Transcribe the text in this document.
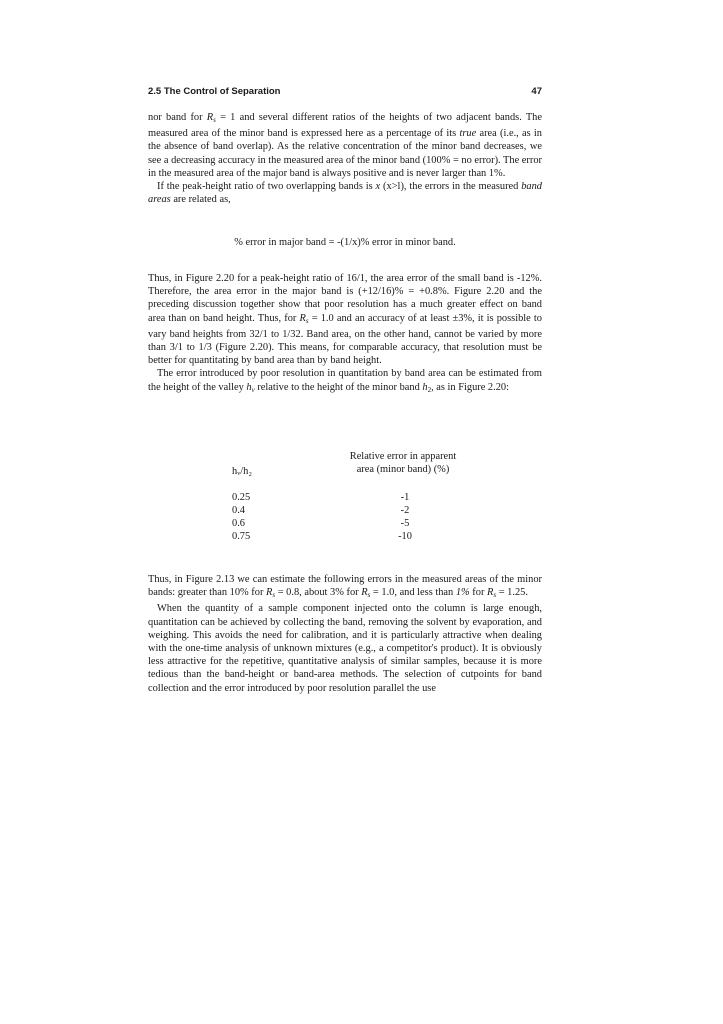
2.5 The Control of Separation	47

nor band for $R_s = 1$ and several different ratios of the heights of two adjacent bands. The measured area of the minor band is expressed here as a percentage of its true area (i.e., as in the absence of band overlap). As the relative concentration of the minor band decreases, we see a decreasing accuracy in the measured area of the minor band (100% = no error). The error in the measured area of the major band is always positive and is never larger than 1%.

If the peak-height ratio of two overlapping bands is x (x>l), the errors in the measured band areas are related as,

% error in major band = -(1/x)% error in minor band.

Thus, in Figure 2.20 for a peak-height ratio of 16/1, the area error of the small band is -12%. Therefore, the area error in the major band is (+12/16)% = +0.8%. Figure 2.20 and the preceding discussion together show that poor resolution has a much greater effect on band area than on band height. Thus, for $R_s = 1.0$ and an accuracy of at least ±3%, it is possible to vary band heights from 32/1 to 1/32. Band area, on the other hand, cannot be varied by more than 3/1 to 1/3 (Figure 2.20). This means, for comparable accuracy, that resolution must be better for quantitating by band area than by band height.

The error introduced by poor resolution in quantitation by band area can be estimated from the height of the valley $h_v$ relative to the height of the minor band $h_2$, as in Figure 2.20:

hᵥ/h₂
Relative error in apparent
area (minor band) (%)
0.25	-1
0.4	-2
0.6	-5
0.75	-10

Thus, in Figure 2.13 we can estimate the following errors in the measured areas of the minor bands: greater than 10% for $R_s = 0.8$, about 3% for $R_s = 1.0$, and less than 1% for $R_s = 1.25$.

When the quantity of a sample component injected onto the column is large enough, quantitation can be achieved by collecting the band, removing the solvent by evaporation, and weighing. This avoids the need for calibration, and it is particularly attractive when dealing with the one-time analysis of unknown mixtures (e.g., a competitor's product). It is obviously less attractive for the repetitive, quantitative analysis of similar samples, because it is more tedious than the band-height or band-area methods. The selection of cutpoints for band collection and the error introduced by poor resolution parallel the use
